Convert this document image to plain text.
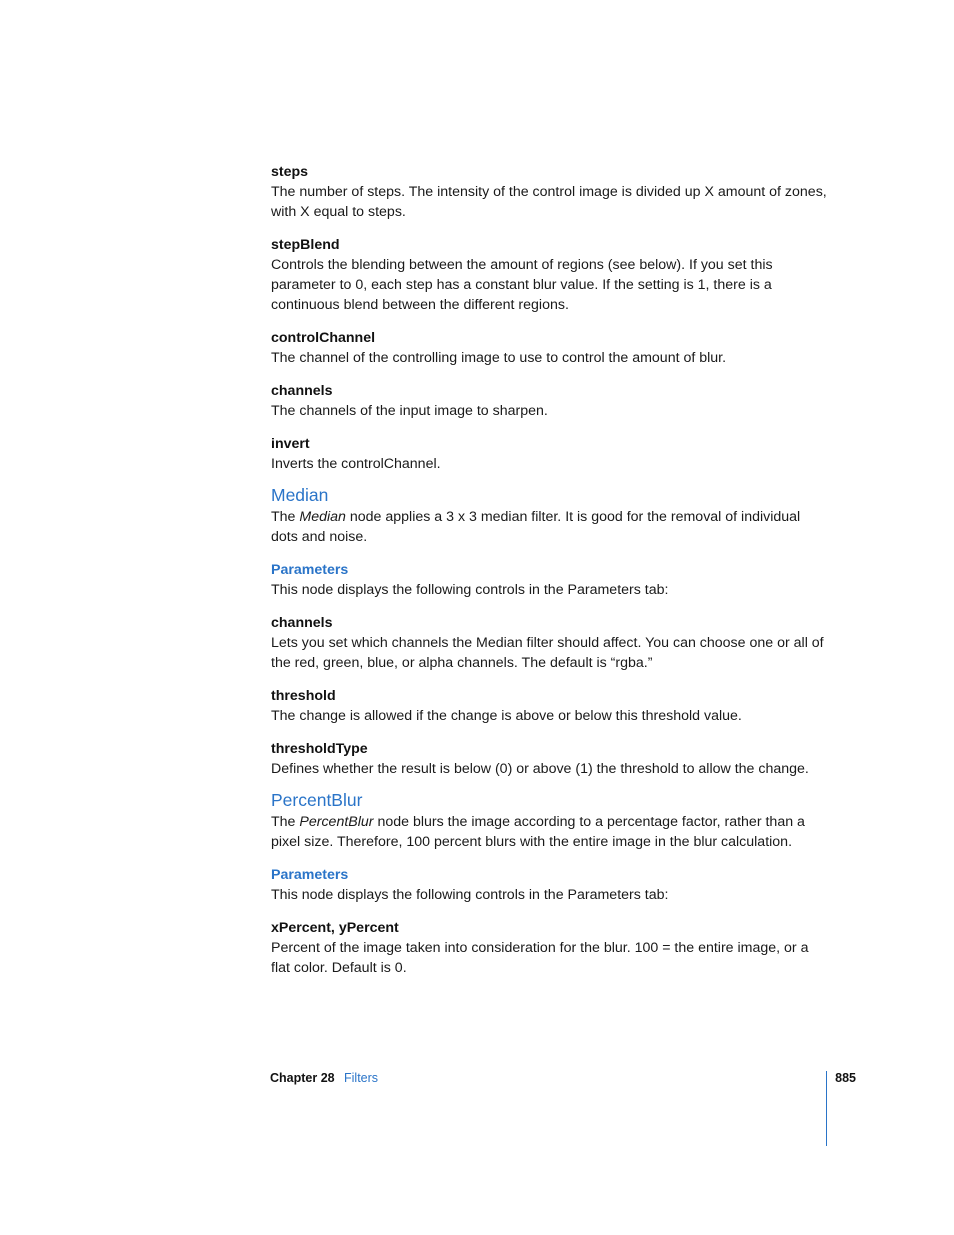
steps

The number of steps. The intensity of the control image is divided up X amount of zones, with X equal to steps.

stepBlend

Controls the blending between the amount of regions (see below). If you set this parameter to 0, each step has a constant blur value. If the setting is 1, there is a continuous blend between the different regions.

controlChannel

The channel of the controlling image to use to control the amount of blur.

channels

The channels of the input image to sharpen.

invert

Inverts the controlChannel.

Median

The Median node applies a 3 x 3 median filter. It is good for the removal of individual dots and noise.

Parameters

This node displays the following controls in the Parameters tab:

channels

Lets you set which channels the Median filter should affect. You can choose one or all of the red, green, blue, or alpha channels. The default is “rgba.”

threshold

The change is allowed if the change is above or below this threshold value.

thresholdType

Defines whether the result is below (0) or above (1) the threshold to allow the change.

PercentBlur

The PercentBlur node blurs the image according to a percentage factor, rather than a pixel size. Therefore, 100 percent blurs with the entire image in the blur calculation.

Parameters

This node displays the following controls in the Parameters tab:

xPercent, yPercent

Percent of the image taken into consideration for the blur. 100 = the entire image, or a flat color. Default is 0.

Chapter 28 Filters	885
